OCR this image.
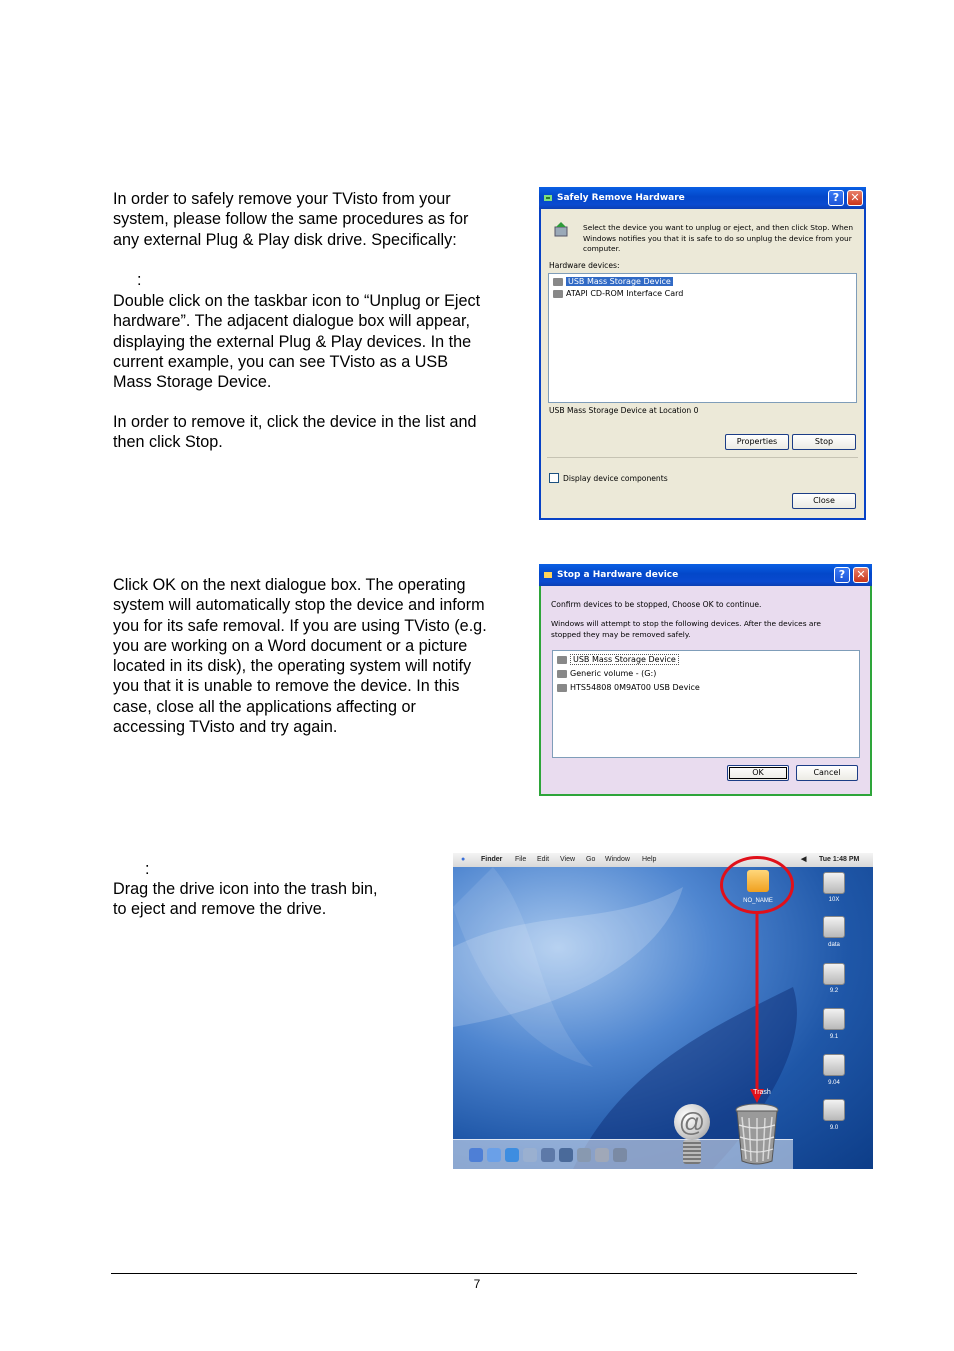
In order to safely remove your TVisto from your
system, please follow the same procedures as for
any external Plug & Play disk drive. Specifically:
:
Double click on the taskbar icon to “Unplug or Eject
hardware”. The adjacent dialogue box will appear,
displaying the external Plug & Play devices. In the
current example, you can see TVisto as a USB
Mass Storage Device.
In order to remove it, click the device in the list and
then click Stop.
Safely Remove Hardware	?	✕
Select the device you want to unplug or eject, and then click Stop. When
Windows notifies you that it is safe to do so unplug the device from your
computer.
Hardware devices:
USB Mass Storage Device
ATAPI CD-ROM Interface Card
USB Mass Storage Device at Location 0
Properties	Stop
Display device components
Close
Click OK on the next dialogue box. The operating
system will automatically stop the device and inform
you for its safe removal. If you are using TVisto (e.g.
you are working on a Word document or a picture
located in its disk), the operating system will notify
you that it is unable to remove the device. In this
case, close all the applications affecting or
accessing TVisto and try again.
Stop a Hardware device	?	✕
Confirm devices to be stopped, Choose OK to continue.
Windows will attempt to stop the following devices. After the devices are
stopped they may be removed safely.
USB Mass Storage Device
Generic volume - (G:)
HTS54808 0M9AT00 USB Device
OK	Cancel
:
Drag the drive icon into the trash bin,
to eject and remove the drive.
● Finder File Edit View Go Window Help	◀ Tue 1:48 PM
NO_NAME	10X
data
9.2
9.1
9.04
9.0
@
Trash
7
